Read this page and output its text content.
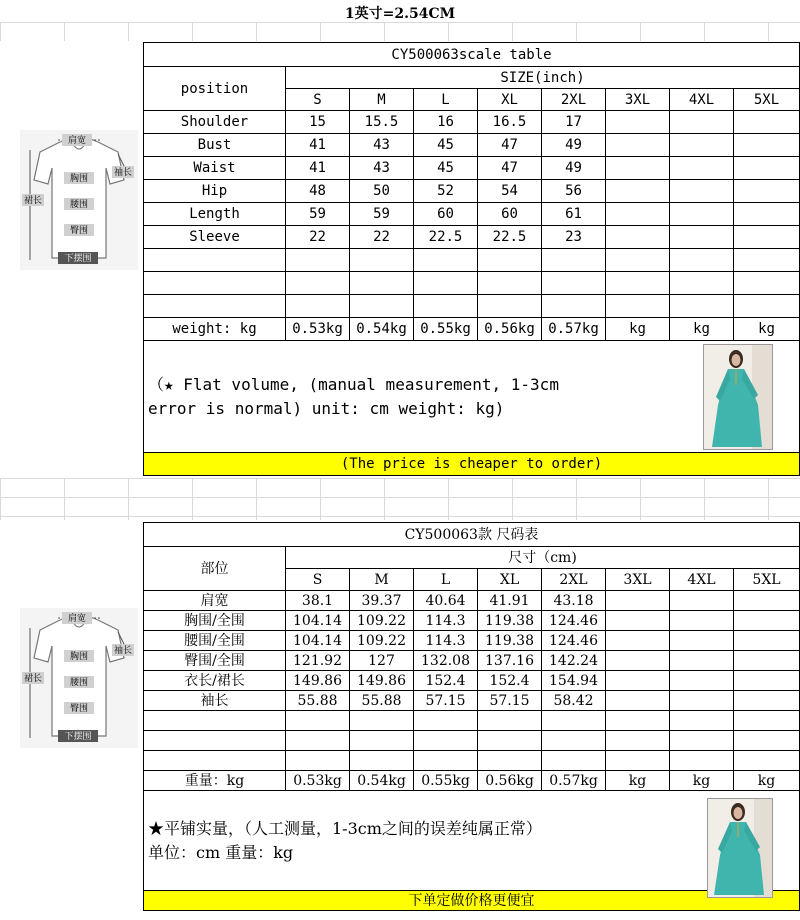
1英寸=2.54CM
肩宽
袖长
胸围
裙长	腰围
臀围
下摆围
肩宽
袖长
胸围
裙长	腰围
臀围
下摆围
CY500063scale table								
position	SIZE(inch)							
	S	M	L	XL	2XL	3XL	4XL	5XL
Shoulder	15	15.5	16	16.5	17			
Bust	41	43	45	47	49			
Waist	41	43	45	47	49			
Hip	48	50	52	54	56			
Length	59	59	60	60	61			
Sleeve	22	22	22.5	22.5	23			

weight: kg	0.53kg	0.54kg	0.55kg	0.56kg	0.57kg	kg	kg	kg

（★ Flat volume, (manual measurement, 1-3cm
error is normal) unit: cm weight: kg)								

(The price is cheaper to order)								
CY500063款 尺码表								
部位	尺寸（cm)							
	S	M	L	XL	2XL	3XL	4XL	5XL
肩宽	38.1	39.37	40.64	41.91	43.18			
胸围/全围	104.14	109.22	114.3	119.38	124.46			
腰围/全围	104.14	109.22	114.3	119.38	124.46			
臀围/全围	121.92	127	132.08	137.16	142.24			
衣长/裙长	149.86	149.86	152.4	152.4	154.94			
袖长	55.88	55.88	57.15	57.15	58.42			

重量：kg	0.53kg	0.54kg	0.55kg	0.56kg	0.57kg	kg	kg	kg

★平铺实量，（人工测量，1-3cm之间的误差纯属正常）
单位：cm 重量：kg								

下单定做价格更便宜								
